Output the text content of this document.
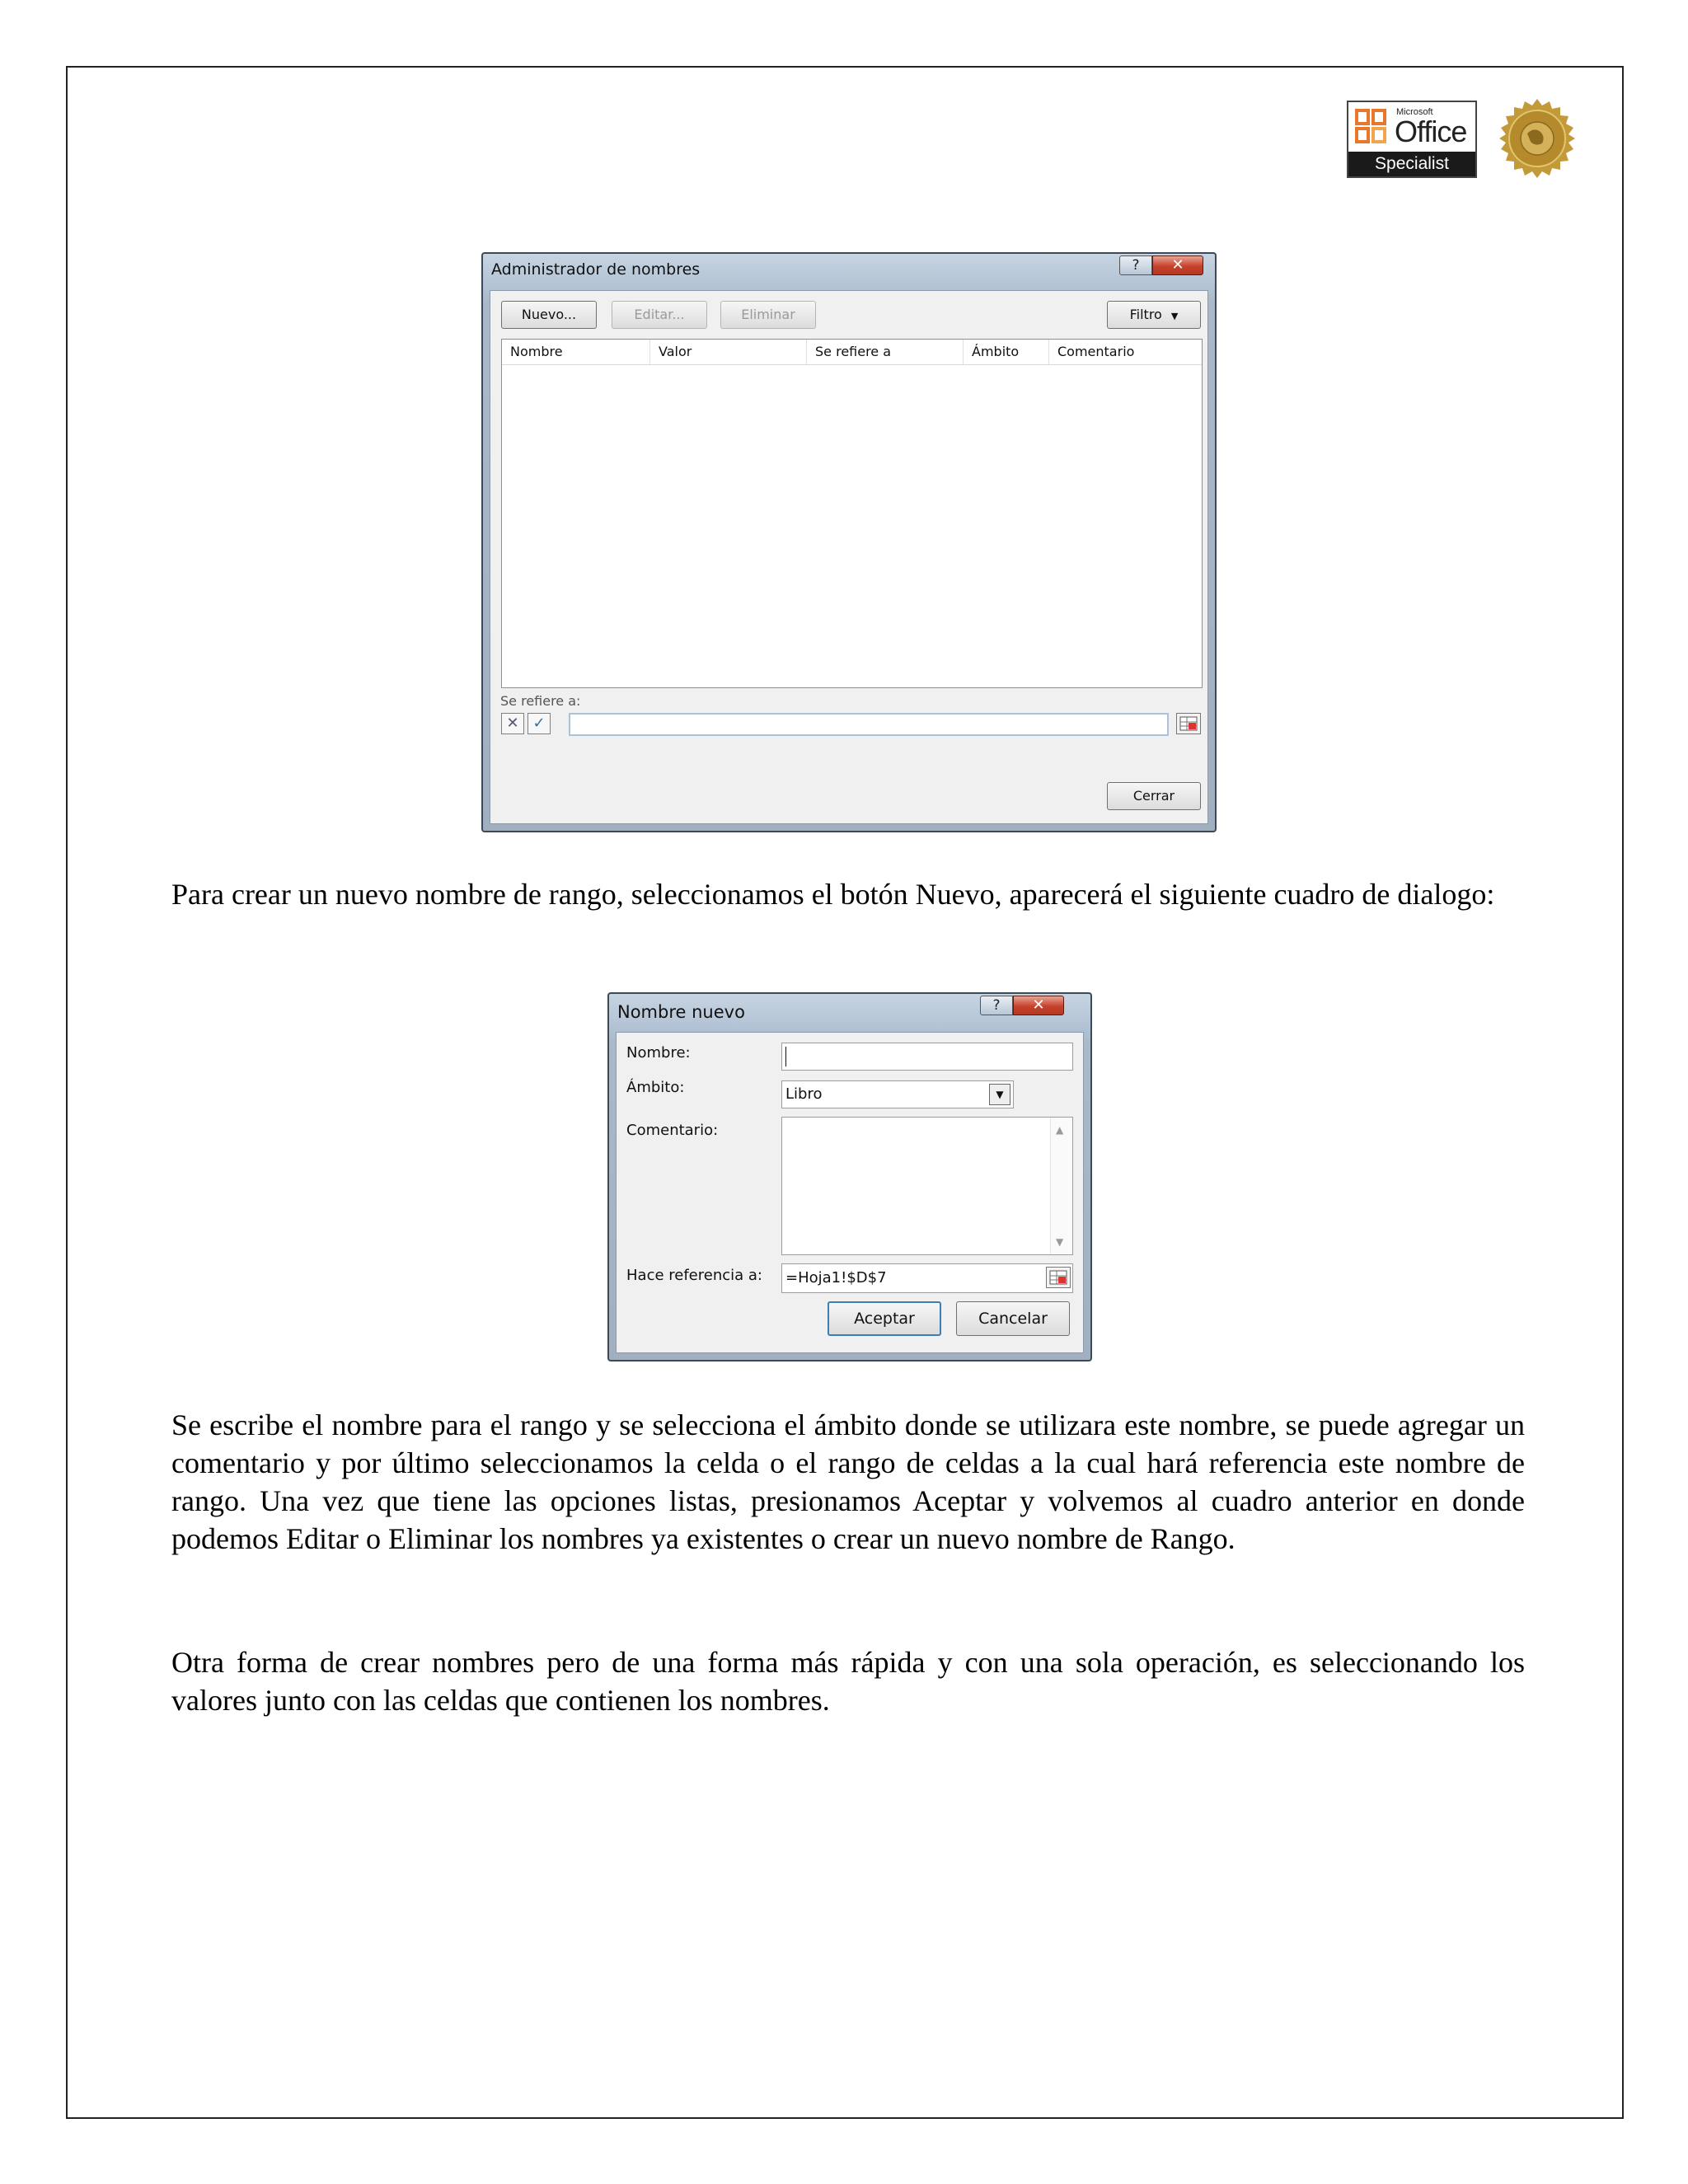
Microsoft
Office
Specialist
Administrador de nombres	?	✕
Nuevo...	Editar...	Eliminar	Filtro ▼
Nombre	Valor	Se refiere a	Ámbito	Comentario
Se refiere a:
✕ ✓
Cerrar

Para crear un nuevo nombre de rango, seleccionamos el botón Nuevo, aparecerá el siguiente cuadro de dialogo:

Nombre nuevo	?	✕
Nombre:
Ámbito:	Libro	▼
Comentario:	▲
▼
Hace referencia a: =Hoja1!$D$7
Aceptar	Cancelar

Se escribe el nombre para el rango y se selecciona el ámbito donde se utilizara este nombre, se puede agregar un comentario y por último seleccionamos la celda o el rango de celdas a la cual hará referencia este nombre de rango. Una vez que tiene las opciones listas, presionamos Aceptar y volvemos al cuadro anterior en donde podemos Editar o Eliminar los nombres ya existentes o crear un nuevo nombre de Rango.

Otra forma de crear nombres pero de una forma más rápida y con una sola operación, es seleccionando los valores junto con las celdas que contienen los nombres.
